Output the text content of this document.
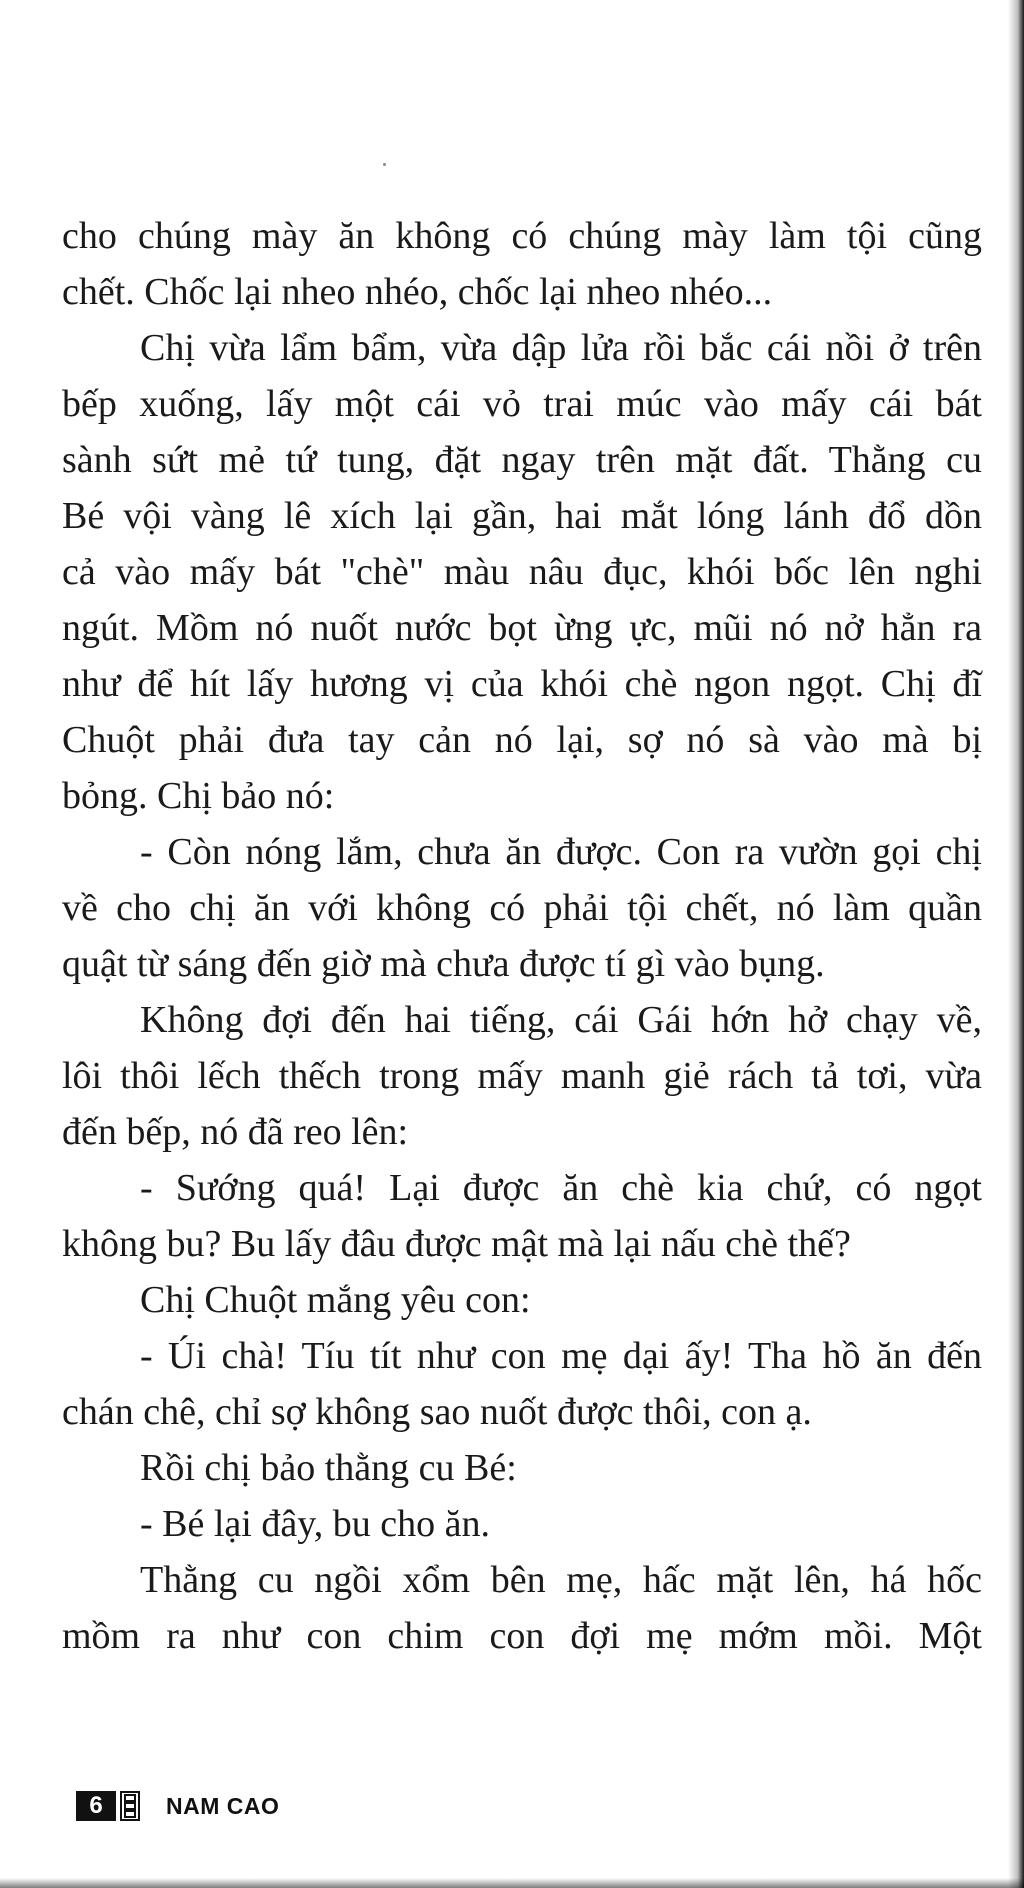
cho chúng mày ăn không có chúng mày làm tội cũng
chết. Chốc lại nheo nhéo, chốc lại nheo nhéo...
Chị vừa lẩm bẩm, vừa dập lửa rồi bắc cái nồi ở trên
bếp xuống, lấy một cái vỏ trai múc vào mấy cái bát
sành sứt mẻ tứ tung, đặt ngay trên mặt đất. Thằng cu
Bé vội vàng lê xích lại gần, hai mắt lóng lánh đổ dồn
cả vào mấy bát "chè" màu nâu đục, khói bốc lên nghi
ngút. Mồm nó nuốt nước bọt ừng ực, mũi nó nở hẳn ra
như để hít lấy hương vị của khói chè ngon ngọt. Chị đĩ
Chuột phải đưa tay cản nó lại, sợ nó sà vào mà bị
bỏng. Chị bảo nó:
- Còn nóng lắm, chưa ăn được. Con ra vườn gọi chị
về cho chị ăn với không có phải tội chết, nó làm quần
quật từ sáng đến giờ mà chưa được tí gì vào bụng.
Không đợi đến hai tiếng, cái Gái hớn hở chạy về,
lôi thôi lếch thếch trong mấy manh giẻ rách tả tơi, vừa
đến bếp, nó đã reo lên:
- Sướng quá! Lại được ăn chè kia chứ, có ngọt
không bu? Bu lấy đâu được mật mà lại nấu chè thế?
Chị Chuột mắng yêu con:
- Úi chà! Tíu tít như con mẹ dại ấy! Tha hồ ăn đến
chán chê, chỉ sợ không sao nuốt được thôi, con ạ.
Rồi chị bảo thằng cu Bé:
- Bé lại đây, bu cho ăn.
Thằng cu ngồi xổm bên mẹ, hấc mặt lên, há hốc
mồm ra như con chim con đợi mẹ mớm mồi. Một
6	NAM CAO
